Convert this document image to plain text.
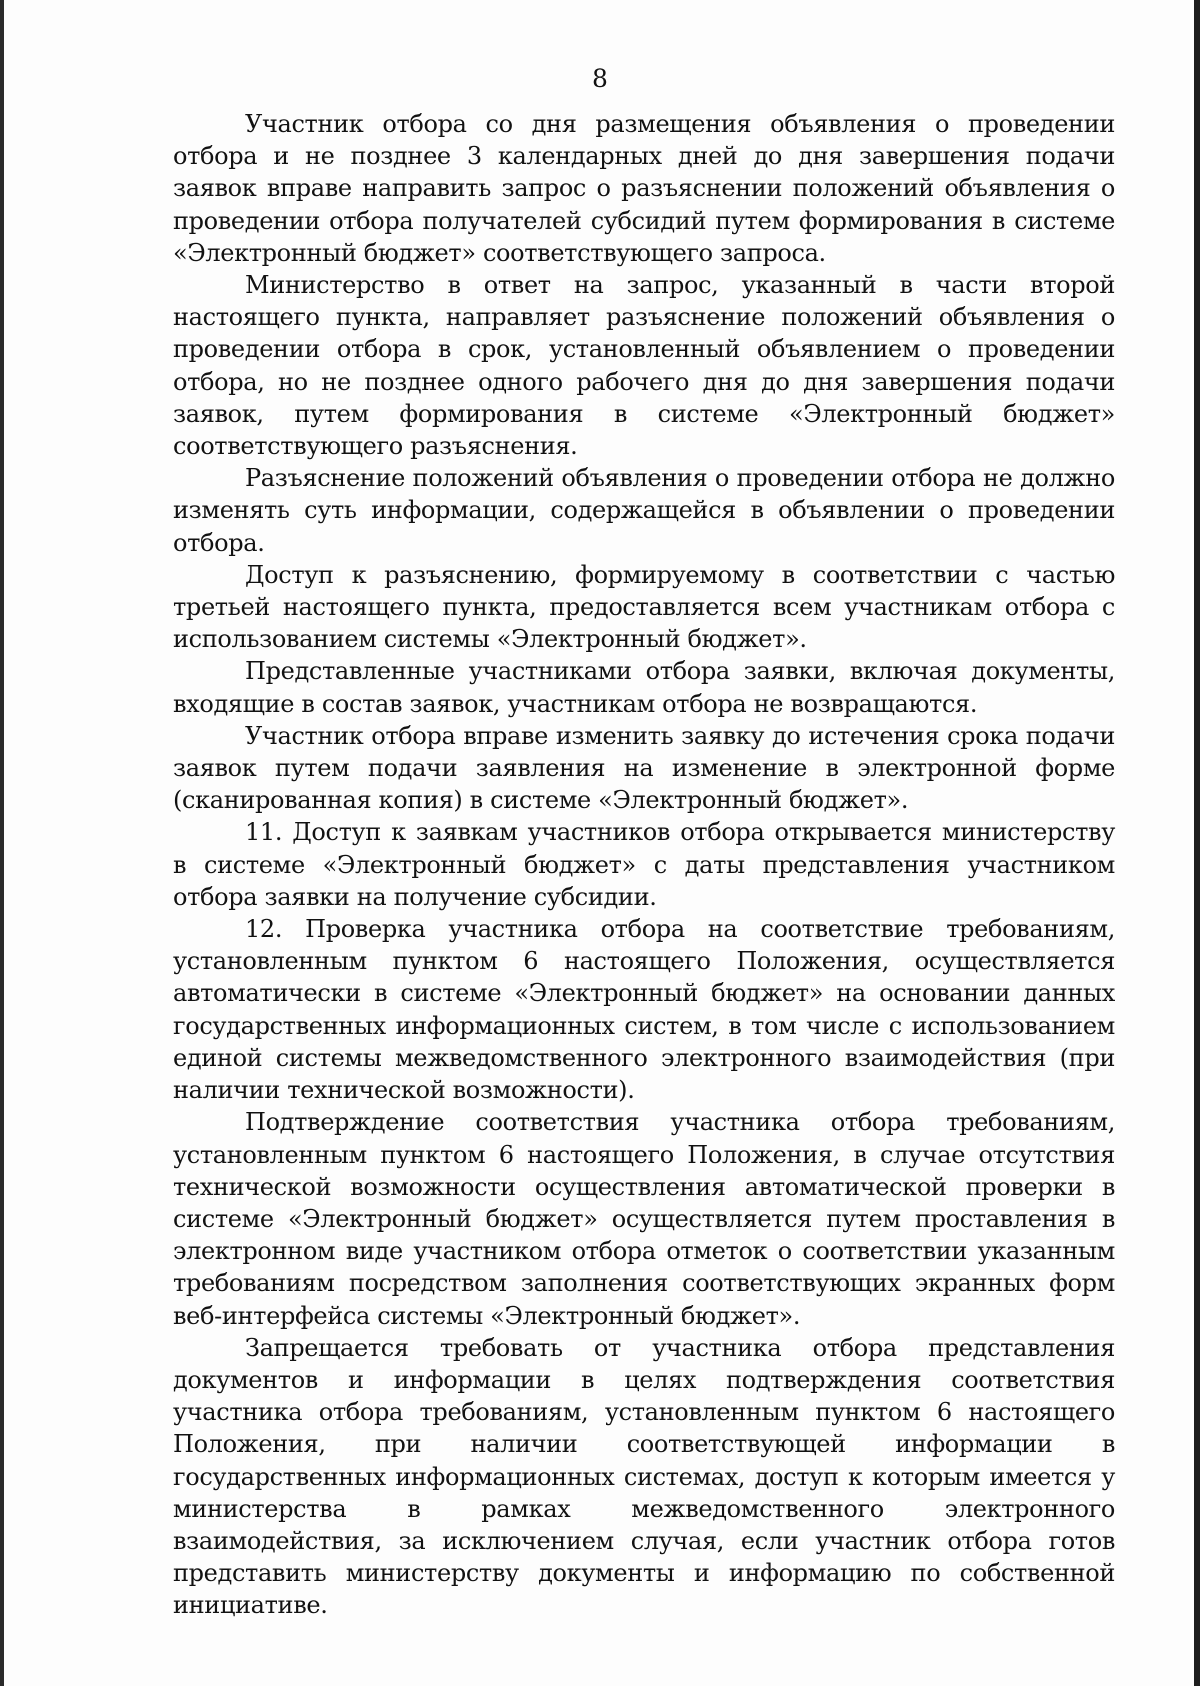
8

Участник отбора со дня размещения объявления о проведении отбора и не позднее 3 календарных дней до дня завершения подачи заявок вправе направить запрос о разъяснении положений объявления о проведении отбора получателей субсидий путем формирования в системе «Электронный бюджет» соответствующего запроса.

Министерство в ответ на запрос, указанный в части второй настоящего пункта, направляет разъяснение положений объявления о проведении отбора в срок, установленный объявлением о проведении отбора, но не позднее одного рабочего дня до дня завершения подачи заявок, путем формирования в системе «Электронный бюджет» соответствующего разъяснения.

Разъяснение положений объявления о проведении отбора не должно изменять суть информации, содержащейся в объявлении о проведении отбора.

Доступ к разъяснению, формируемому в соответствии с частью третьей настоящего пункта, предоставляется всем участникам отбора с использованием системы «Электронный бюджет».

Представленные участниками отбора заявки, включая документы, входящие в состав заявок, участникам отбора не возвращаются.

Участник отбора вправе изменить заявку до истечения срока подачи заявок путем подачи заявления на изменение в электронной форме (сканированная копия) в системе «Электронный бюджет».

11. Доступ к заявкам участников отбора открывается министерству в системе «Электронный бюджет» с даты представления участником отбора заявки на получение субсидии.

12. Проверка участника отбора на соответствие требованиям, установленным пунктом 6 настоящего Положения, осуществляется автоматически в системе «Электронный бюджет» на основании данных государственных информационных систем, в том числе с использованием единой системы межведомственного электронного взаимодействия (при наличии технической возможности).

Подтверждение соответствия участника отбора требованиям, установленным пунктом 6 настоящего Положения, в случае отсутствия технической возможности осуществления автоматической проверки в системе «Электронный бюджет» осуществляется путем проставления в электронном виде участником отбора отметок о соответствии указанным требованиям посредством заполнения соответствующих экранных форм веб-интерфейса системы «Электронный бюджет».

Запрещается требовать от участника отбора представления документов и информации в целях подтверждения соответствия участника отбора требованиям, установленным пунктом 6 настоящего Положения, при наличии соответствующей информации в государственных информационных системах, доступ к которым имеется у министерства в рамках межведомственного электронного взаимодействия, за исключением случая, если участник отбора готов представить министерству документы и информацию по собственной инициативе.
